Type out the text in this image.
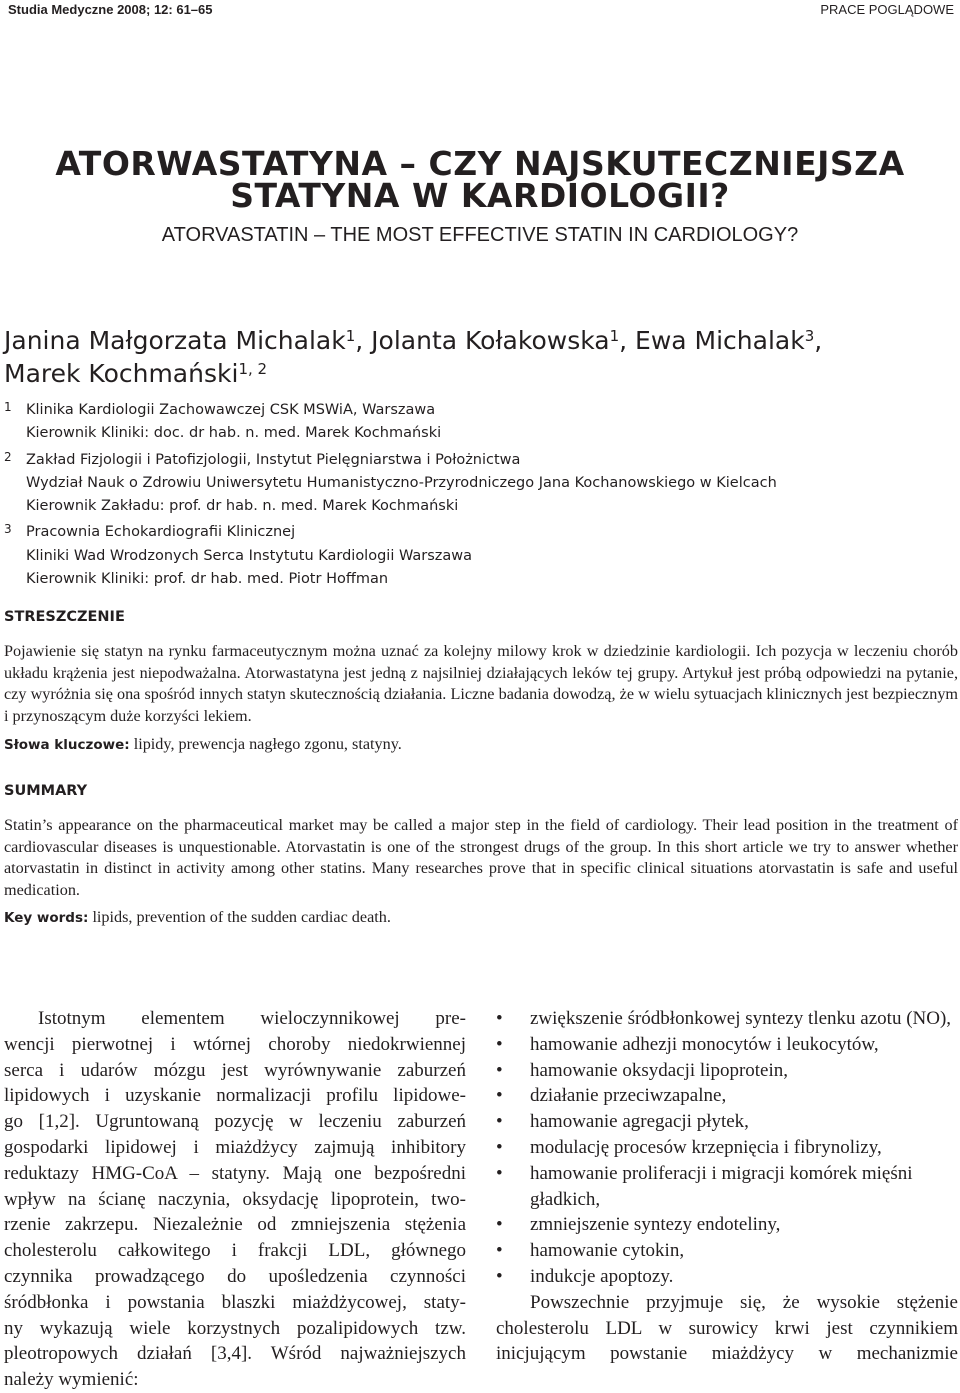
Studia Medyczne 2008; 12: 61–65	PRACE POGLĄDOWE
ATORWASTATYNA – CZY NAJSKUTECZNIEJSZA
STATYNA W KARDIOLOGII?
ATORVASTATIN – THE MOST EFFECTIVE STATIN IN CARDIOLOGY?
Janina Małgorzata Michalak$^1$, Jolanta Kołakowska$^1$, Ewa Michalak$^3$,
Marek Kochmański$^{1, 2}$
1 Klinika Kardiologii Zachowawczej CSK MSWiA, Warszawa
Kierownik Kliniki: doc. dr hab. n. med. Marek Kochmański
2 Zakład Fizjologii i Patofizjologii, Instytut Pielęgniarstwa i Położnictwa
Wydział Nauk o Zdrowiu Uniwersytetu Humanistyczno-Przyrodniczego Jana Kochanowskiego w Kielcach
Kierownik Zakładu: prof. dr hab. n. med. Marek Kochmański
3 Pracownia Echokardiografii Klinicznej
Kliniki Wad Wrodzonych Serca Instytutu Kardiologii Warszawa
Kierownik Kliniki: prof. dr hab. med. Piotr Hoffman
STRESZCZENIE
Pojawienie się statyn na rynku farmaceutycznym można uznać za kolejny milowy krok w dziedzinie kardiologii. Ich pozycja w leczeniu chorób układu krążenia jest niepodważalna. Atorwastatyna jest jedną z najsilniej działających leków tej grupy. Artykuł jest próbą odpowiedzi na pytanie, czy wyróżnia się ona spośród innych statyn skutecznością działania. Liczne badania dowodzą, że w wielu sytuacjach klinicznych jest bezpiecznym i przynoszącym duże korzyści lekiem.
Słowa kluczowe: lipidy, prewencja nagłego zgonu, statyny.
SUMMARY
Statin’s appearance on the pharmaceutical market may be called a major step in the field of cardiology. Their lead position in the treatment of cardiovascular diseases is unquestionable. Atorvastatin is one of the strongest drugs of the group. In this short article we try to answer whether atorvastatin in distinct in activity among other statins. Many researches prove that in specific clinical situations atorvastatin is safe and useful medication.
Key words: lipids, prevention of the sudden cardiac death.
Istotnym elementem wieloczynnikowej pre-
wencji pierwotnej i wtórnej choroby niedokrwiennej
serca i udarów mózgu jest wyrównywanie zaburzeń
lipidowych i uzyskanie normalizacji profilu lipidowe-
go [1,2]. Ugruntowaną pozycję w leczeniu zaburzeń
gospodarki lipidowej i miażdżycy zajmują inhibitory
reduktazy HMG-CoA – statyny. Mają one bezpośredni
wpływ na ścianę naczynia, oksydację lipoprotein, two-
rzenie zakrzepu. Niezależnie od zmniejszenia stężenia
cholesterolu całkowitego i frakcji LDL, głównego
czynnika prowadzącego do upośledzenia czynności
śródbłonka i powstania blaszki miażdżycowej, staty-
ny wykazują wiele korzystnych pozalipidowych tzw.
pleotropowych działań [3,4]. Wśród najważniejszych
należy wymienić:
• zwiększenie śródbłonkowej syntezy tlenku azotu (NO),
• hamowanie adhezji monocytów i leukocytów,
• hamowanie oksydacji lipoprotein,
• działanie przeciwzapalne,
• hamowanie agregacji płytek,
• modulację procesów krzepnięcia i fibrynolizy,
• hamowanie proliferacji i migracji komórek mięśni gładkich,
• zmniejszenie syntezy endoteliny,
• hamowanie cytokin,
• indukcje apoptozy.
Powszechnie przyjmuje się, że wysokie stężenie
cholesterolu LDL w surowicy krwi jest czynnikiem
inicjującym powstanie miażdżycy w mechanizmie
